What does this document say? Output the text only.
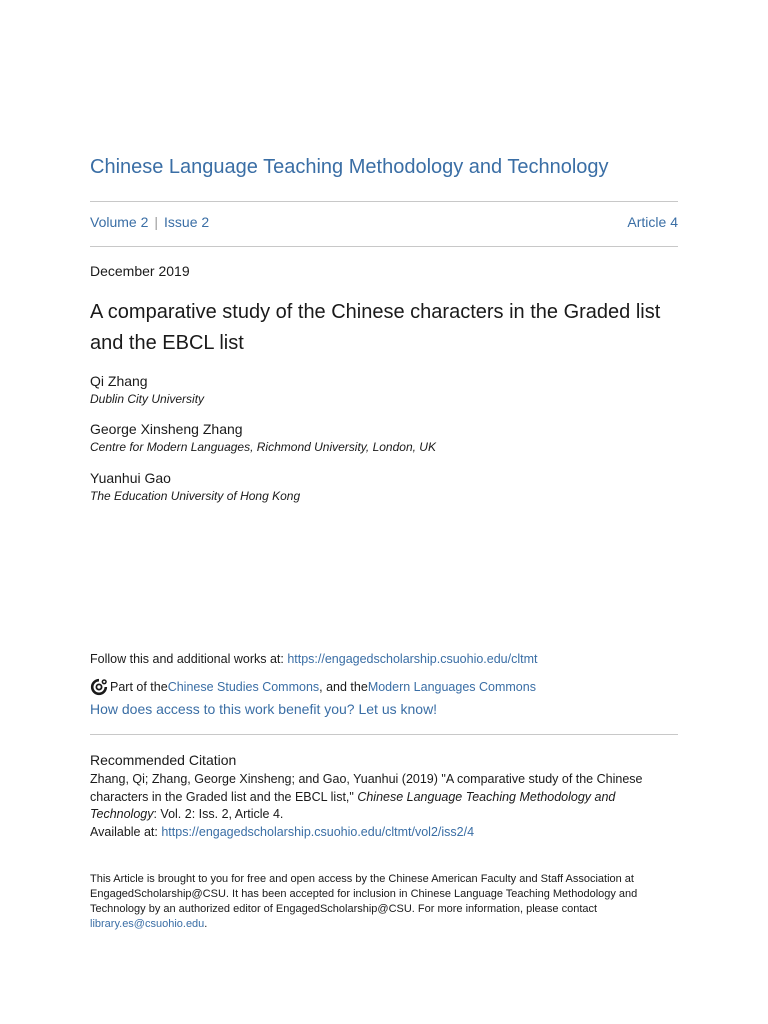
Chinese Language Teaching Methodology and Technology
Volume 2 | Issue 2	Article 4
December 2019
A comparative study of the Chinese characters in the Graded list and the EBCL list
Qi Zhang
Dublin City University
George Xinsheng Zhang
Centre for Modern Languages, Richmond University, London, UK
Yuanhui Gao
The Education University of Hong Kong
Follow this and additional works at: https://engagedscholarship.csuohio.edu/cltmt
Part of the Chinese Studies Commons , and the Modern Languages Commons
How does access to this work benefit you? Let us know!
Recommended Citation
Zhang, Qi; Zhang, George Xinsheng; and Gao, Yuanhui (2019) "A comparative study of the Chinese characters in the Graded list and the EBCL list," Chinese Language Teaching Methodology and Technology: Vol. 2: Iss. 2, Article 4.
Available at: https://engagedscholarship.csuohio.edu/cltmt/vol2/iss2/4
This Article is brought to you for free and open access by the Chinese American Faculty and Staff Association at EngagedScholarship@CSU. It has been accepted for inclusion in Chinese Language Teaching Methodology and Technology by an authorized editor of EngagedScholarship@CSU. For more information, please contact
library.es@csuohio.edu.
